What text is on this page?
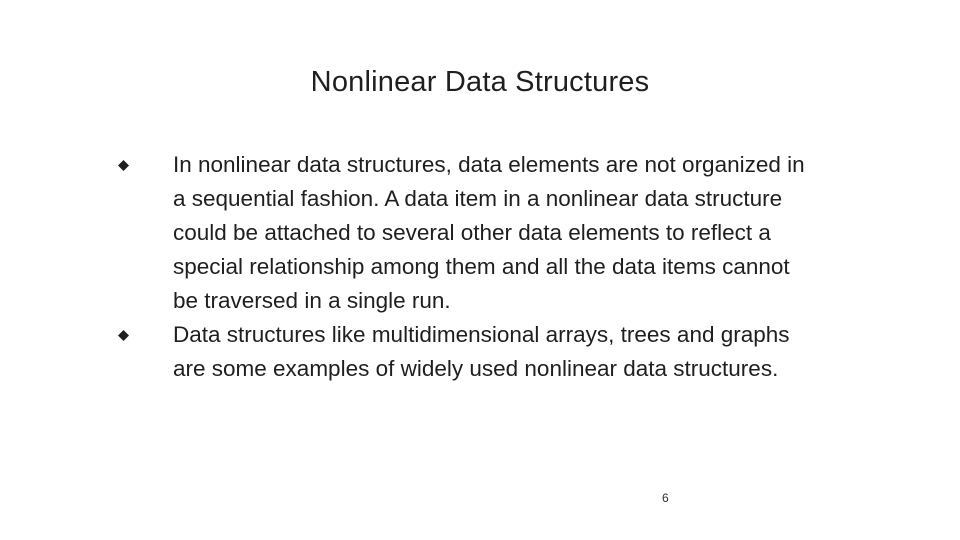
Nonlinear Data Structures
In nonlinear data structures, data elements are not organized in a sequential fashion. A data item in a nonlinear data structure could be attached to several other data elements to reflect a special relationship among them and all the data items cannot be traversed in a single run.
Data structures like multidimensional arrays, trees and graphs are some examples of widely used nonlinear data structures.
6
